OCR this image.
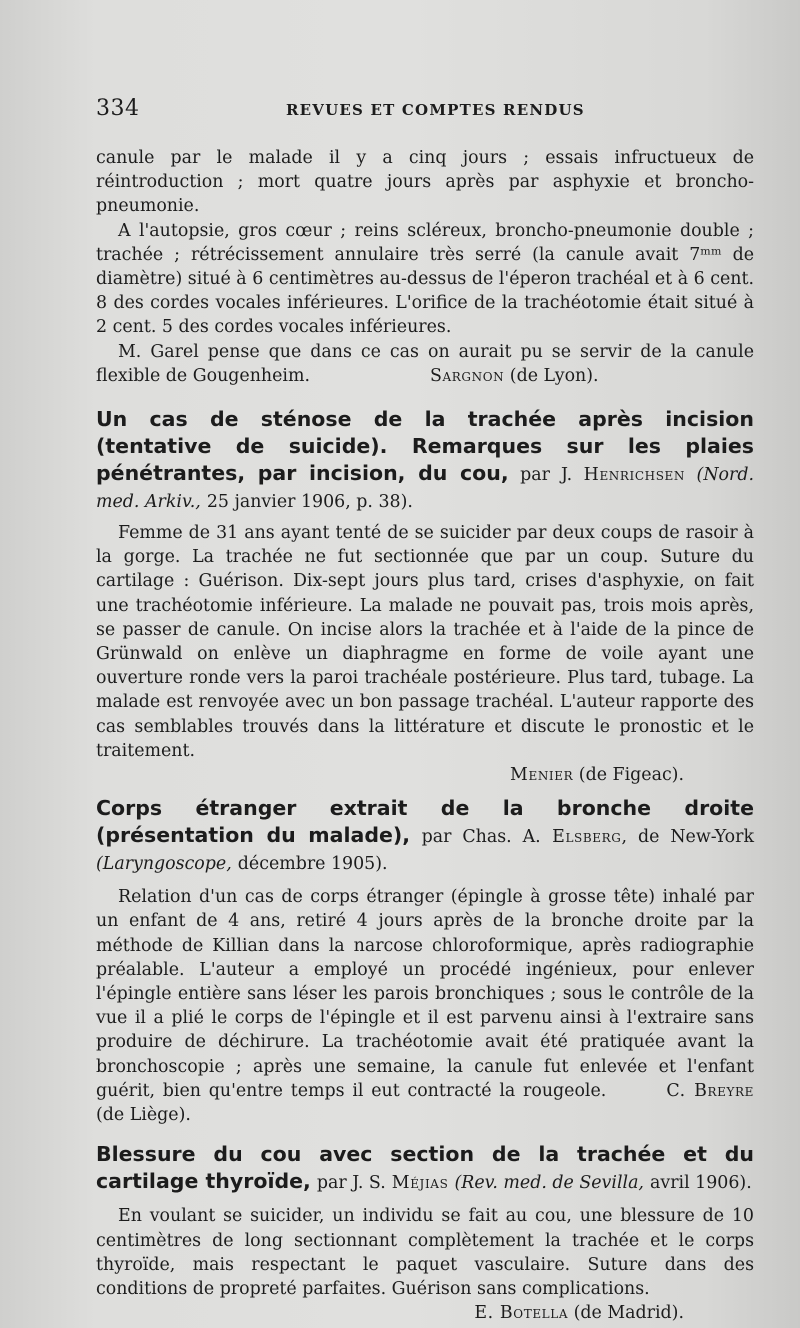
334	REVUES ET COMPTES RENDUS

canule par le malade il y a cinq jours ; essais infructueux de réintroduction ; mort quatre jours après par asphyxie et broncho-pneumonie.

A l'autopsie, gros cœur ; reins scléreux, broncho-pneumonie double ; trachée ; rétrécissement annulaire très serré (la canule avait 7ᵐᵐ de diamètre) situé à 6 centimètres au-dessus de l'éperon trachéal et à 6 cent. 8 des cordes vocales inférieures. L'orifice de la trachéotomie était situé à 2 cent. 5 des cordes vocales inférieures.

M. Garel pense que dans ce cas on aurait pu se servir de la canule flexible de Gougenheim.	Sargnon (de Lyon).

Un cas de sténose de la trachée après incision (tentative de suicide). Remarques sur les plaies pénétrantes, par incision, du cou, par J. Henrichsen (Nord. med. Arkiv., 25 janvier 1906, p. 38).

Femme de 31 ans ayant tenté de se suicider par deux coups de rasoir à la gorge. La trachée ne fut sectionnée que par un coup. Suture du cartilage : Guérison. Dix-sept jours plus tard, crises d'asphyxie, on fait une trachéotomie inférieure. La malade ne pouvait pas, trois mois après, se passer de canule. On incise alors la trachée et à l'aide de la pince de Grünwald on enlève un diaphragme en forme de voile ayant une ouverture ronde vers la paroi trachéale postérieure. Plus tard, tubage. La malade est renvoyée avec un bon passage trachéal. L'auteur rapporte des cas semblables trouvés dans la littérature et discute le pronostic et le traitement.

Menier (de Figeac).
Corps étranger extrait de la bronche droite (présentation du malade), par Chas. A. Elsberg, de New-York (Laryngoscope, décembre 1905).

Relation d'un cas de corps étranger (épingle à grosse tête) inhalé par un enfant de 4 ans, retiré 4 jours après de la bronche droite par la méthode de Killian dans la narcose chloroformique, après radiographie préalable. L'auteur a employé un procédé ingénieux, pour enlever l'épingle entière sans léser les parois bronchiques ; sous le contrôle de la vue il a plié le corps de l'épingle et il est parvenu ainsi à l'extraire sans produire de déchirure. La trachéotomie avait été pratiquée avant la bronchoscopie ; après une semaine, la canule fut enlevée et l'enfant guérit, bien qu'entre temps il eut contracté la rougeole.	C. Breyre (de Liège).

Blessure du cou avec section de la trachée et du cartilage thyroïde, par J. S. Méjias (Rev. med. de Sevilla, avril 1906).

En voulant se suicider, un individu se fait au cou, une blessure de 10 centimètres de long sectionnant complètement la trachée et le corps thyroïde, mais respectant le paquet vasculaire. Suture dans des conditions de propreté parfaites. Guérison sans complications.

E. Botella (de Madrid).
